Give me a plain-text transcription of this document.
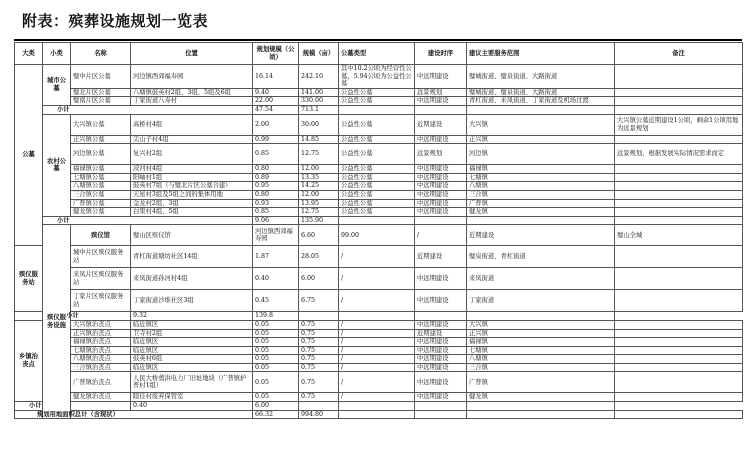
附表：殡葬设施规划一览表
大类	小类	名称	位置	规划规模（公顷）	规模（亩）	公墓类型	建设时序	建议主要服务范围	备注	
公墓	城市公墓	璧中片区公墓	河边镇西郊福寿园	16.14	242.10	其中10.2公顷为经营性公墓，5.94公顷为公益性公墓	中远期建设	璧城街道、璧泉街道、大路街道		
		璧北片区公墓	八塘镇鼓英村2组、3组、5组及6组	9.40	141.00	公益性公墓	远景规划	璧城街道、璧泉街道、大路街道		
		璧南片区公墓	丁家街道八寿村	22.00	330.00	公益性公墓	中远期建设	青杠街道、来凤街道、丁家街道及机场过渡		
	小计			47.54	713.1					
	农村公墓	大兴镇公墓	高桥村4组	2.00	30.00	公益性公墓	近期建设	大兴镇	大兴镇公墓近期建设1公顷，剩余1公顷用地为远景规划	
		正兴镇公墓	尖山子村4组	0.99	14.85	公益性公墓	中远期建设	正兴镇		
		河边镇公墓	复兴村2组	0.85	12.75	公益性公墓	远景规划	河边镇	远景规划，根据发展实际情况需求而定	
		福禄镇公墓	浸河村4组	0.80	12.00	公益性公墓	中远期建设	福禄镇		
		七塘镇公墓	阳岫村1组	0.89	13.35	公益性公墓	中远期建设	七塘镇		
		八塘镇公墓	鼓英村7组（与璧北片区公墓合建）	0.95	14.25	公益性公墓	中远期建设	八塘镇		
		三合镇公墓	天星村3组及5组之间的集体用地	0.80	12.00	公益性公墓	中远期建设	三合镇		
		广普镇公墓	金龙村2组、3组	0.93	13.95	公益性公墓	中远期建设	广普镇		
		健龙镇公墓	白果村4组、5组	0.85	12.75	公益性公墓	中远期建设	健龙镇		
	小计			9.06	135.90					
	殡仪服务设施	殡仪馆	璧山区殡仪馆	河边镇西郊福寿园	6.60	99.00	/	近期建设	璧山全城	
殡仪服务站		城中片区殡仪服务站	青杠街道塘坊社区14组	1.87	28.05	/	近期建设	璧泉街道、青杠街道		
		来凤片区殡仪服务站	来凤街道孙河村4组	0.40	6.00	/	中远期建设	来凤街道		
		丁家片区殡仪服务站	丁家街道沙堆社区3组	0.45	6.75	/	中远期建设	丁家街道		
小计			9.32	139.8						
乡镇治丧点		大兴镇治丧点	临近镇区	0.05	0.75	/	中远期建设	大兴镇		
		正兴镇治丧点	卫寺村2组	0.05	0.75	/	近期建设	正兴镇		
		福禄镇治丧点	临近镇区	0.05	0.75	/	中远期建设	福禄镇		
		七塘镇治丧点	临近镇区	0.05	0.75	/	中远期建设	七塘镇		
		八塘镇治丧点	鼓英村6组	0.05	0.75	/	中远期建设	八塘镇		
		三合镇治丧点	临近镇区	0.05	0.75	/	中远期建设	三合镇		
		广普镇治丧点	人民大桥蔫洪电力厂旧址地块（广普镇护普村1组）	0.05	0.75	/	中远期建设	广普镇		
		健龙镇治丧点	睦佳村废弃保管室	0.05	0.75	/	中远期建设	健龙镇		
小计			0.40	6.00						
规划用地面积总计（含现状）				66.32	994.80					
